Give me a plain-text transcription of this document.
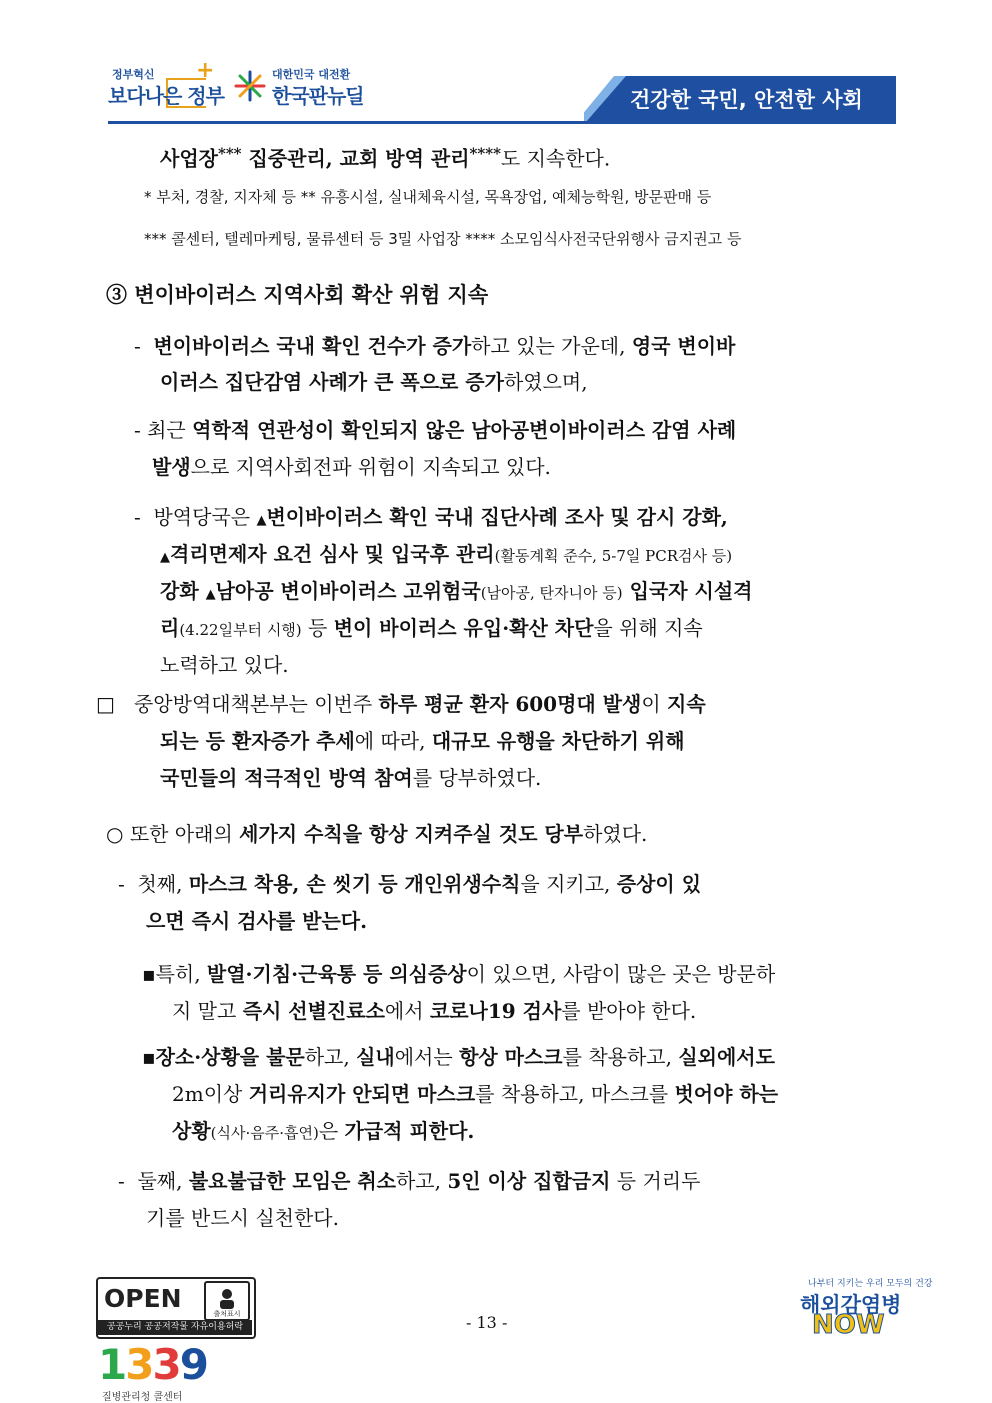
정부혁신 +
보다나은 정부
대한민국 대전환
한국판뉴딜	건강한 국민, 안전한 사회
사업장*** 집중관리, 교회 방역 관리****도 지속한다.
* 부처, 경찰, 지자체 등 ** 유흥시설, 실내체육시설, 목욕장업, 예체능학원, 방문판매 등
*** 콜센터, 텔레마케팅, 물류센터 등 3밀 사업장 **** 소모임식사전국단위행사 금지권고 등
③ 변이바이러스 지역사회 확산 위험 지속
- 변이바이러스 국내 확인 건수가 증가하고 있는 가운데, 영국 변이바
이러스 집단감염 사례가 큰 폭으로 증가하였으며,
- 최근 역학적 연관성이 확인되지 않은 남아공변이바이러스 감염 사례
발생으로 지역사회전파 위험이 지속되고 있다.
- 방역당국은 ▲변이바이러스 확인 국내 집단사례 조사 및 감시 강화,
▲격리면제자 요건 심사 및 입국후 관리(활동계획 준수, 5-7일 PCR검사 등)
강화 ▲남아공 변이바이러스 고위험국(남아공, 탄자니아 등) 입국자 시설격
리(4.22일부터 시행) 등 변이 바이러스 유입·확산 차단을 위해 지속
노력하고 있다.
□ 중앙방역대책본부는 이번주 하루 평균 환자 600명대 발생이 지속
되는 등 환자증가 추세에 따라, 대규모 유행을 차단하기 위해
국민들의 적극적인 방역 참여를 당부하였다.
○ 또한 아래의 세가지 수칙을 항상 지켜주실 것도 당부하였다.
- 첫째, 마스크 착용, 손 씻기 등 개인위생수칙을 지키고, 증상이 있
으면 즉시 검사를 받는다.
▪특히, 발열·기침·근육통 등 의심증상이 있으면, 사람이 많은 곳은 방문하
지 말고 즉시 선별진료소에서 코로나19 검사를 받아야 한다.
▪장소·상황을 불문하고, 실내에서는 항상 마스크를 착용하고, 실외에서도
2m이상 거리유지가 안되면 마스크를 착용하고, 마스크를 벗어야 하는
상황(식사·음주·흡연)은 가급적 피한다.
- 둘째, 불요불급한 모임은 취소하고, 5인 이상 집합금지 등 거리두
기를 반드시 실천한다.
OPEN
출처표시
공공누리 공공저작물 자유이용허락	- 13 -
1339
질병관리청 콜센터
나부터 지키는 우리 모두의 건강
해외감염병
NOW
